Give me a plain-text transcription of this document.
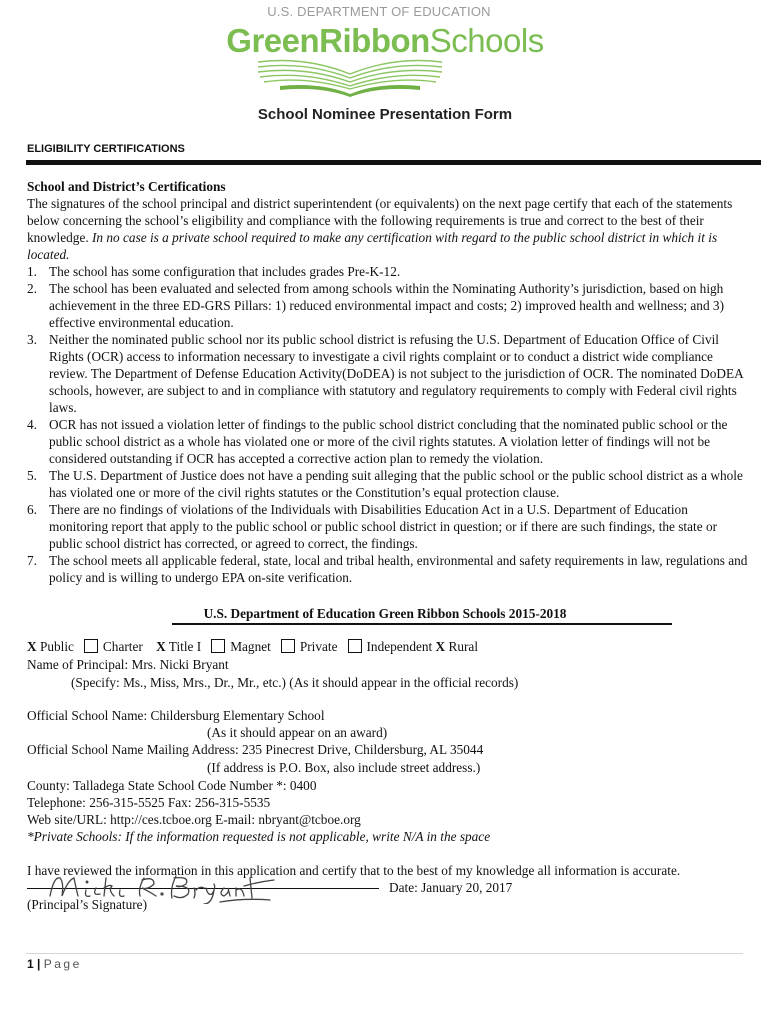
U.S. DEPARTMENT OF EDUCATION
GreenRibbonSchools
School Nominee Presentation Form
ELIGIBILITY CERTIFICATIONS

School and District’s Certifications

The signatures of the school principal and district superintendent (or equivalents) on the next page certify that each of the statements below concerning the school’s eligibility and compliance with the following requirements is true and correct to the best of their knowledge. In no case is a private school required to make any certification with regard to the public school district in which it is located.

1. The school has some configuration that includes grades Pre-K-12.
2. The school has been evaluated and selected from among schools within the Nominating Authority’s jurisdiction, based on high achievement in the three ED-GRS Pillars: 1) reduced environmental impact and costs; 2) improved health and wellness; and 3) effective environmental education.
3. Neither the nominated public school nor its public school district is refusing the U.S. Department of Education Office of Civil Rights (OCR) access to information necessary to investigate a civil rights complaint or to conduct a district wide compliance review. The Department of Defense Education Activity(DoDEA) is not subject to the jurisdiction of OCR. The nominated DoDEA schools, however, are subject to and in compliance with statutory and regulatory requirements to comply with Federal civil rights laws.
4. OCR has not issued a violation letter of findings to the public school district concluding that the nominated public school or the public school district as a whole has violated one or more of the civil rights statutes. A violation letter of findings will not be considered outstanding if OCR has accepted a corrective action plan to remedy the violation.
5. The U.S. Department of Justice does not have a pending suit alleging that the public school or the public school district as a whole has violated one or more of the civil rights statutes or the Constitution’s equal protection clause.
6. There are no findings of violations of the Individuals with Disabilities Education Act in a U.S. Department of Education monitoring report that apply to the public school or public school district in question; or if there are such findings, the state or public school district has corrected, or agreed to correct, the findings.
7. The school meets all applicable federal, state, local and tribal health, environmental and safety requirements in law, regulations and policy and is willing to undergo EPA on-site verification.
U.S. Department of Education Green Ribbon Schools 2015-2018
X Public Charter X Title I Magnet Private Independent X Rural
Name of Principal: Mrs. Nicki Bryant
(Specify: Ms., Miss, Mrs., Dr., Mr., etc.) (As it should appear in the official records)
Official School Name: Childersburg Elementary School
(As it should appear on an award)
Official School Name Mailing Address: 235 Pinecrest Drive, Childersburg, AL 35044
(If address is P.O. Box, also include street address.)
County: Talladega State School Code Number *: 0400
Telephone: 256-315-5525 Fax: 256-315-5535
Web site/URL: http://ces.tcboe.org E-mail: nbryant@tcboe.org
*Private Schools: If the information requested is not applicable, write N/A in the space
I have reviewed the information in this application and certify that to the best of my knowledge all information is accurate.
Date: January 20, 2017
(Principal’s Signature)
1 | Page
